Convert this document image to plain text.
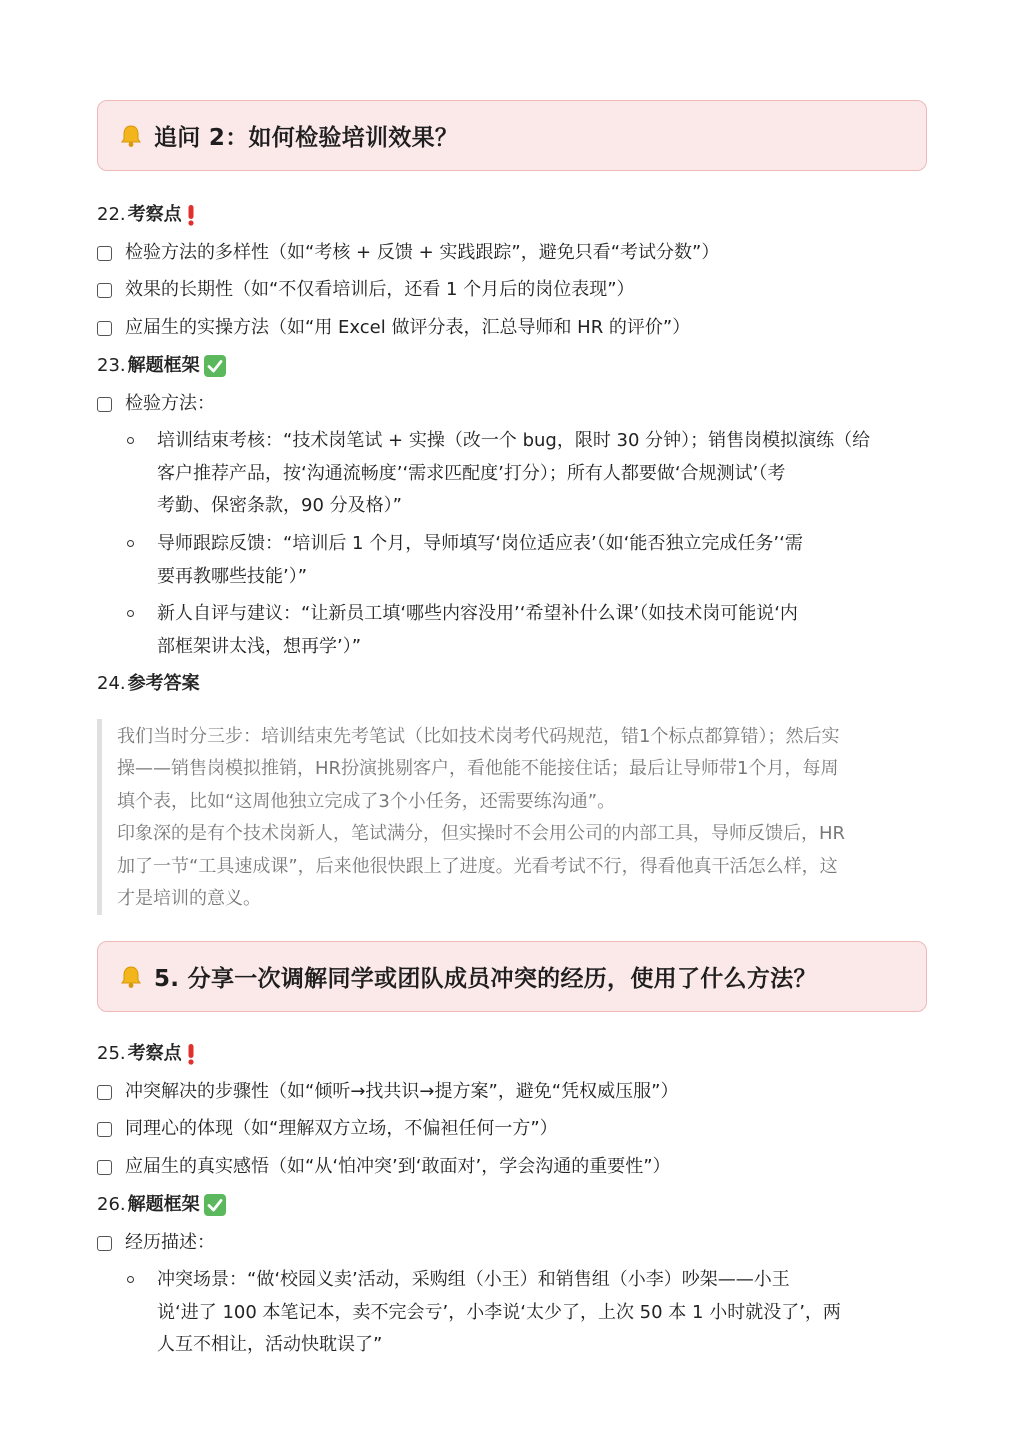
追问 2：如何检验培训效果？
22. 考察点
检验方法的多样性（如“考核 + 反馈 + 实践跟踪”，避免只看“考试分数”）
效果的长期性（如“不仅看培训后，还看 1 个月后的岗位表现”）
应届生的实操方法（如“用 Excel 做评分表，汇总导师和 HR 的评价”）
23. 解题框架
检验方法：
培训结束考核：“技术岗笔试 + 实操（改一个 bug，限时 30 分钟）；销售岗模拟演练（给
客户推荐产品，按‘沟通流畅度’‘需求匹配度’打分）；所有人都要做‘合规测试’（考
考勤、保密条款，90 分及格）”
导师跟踪反馈：“培训后 1 个月，导师填写‘岗位适应表’（如‘能否独立完成任务’‘需
要再教哪些技能’）”
新人自评与建议：“让新员工填‘哪些内容没用’‘希望补什么课’（如技术岗可能说‘内
部框架讲太浅，想再学’）”
24. 参考答案
我们当时分三步：培训结束先考笔试（比如技术岗考代码规范，错1个标点都算错）；然后实
操——销售岗模拟推销，HR扮演挑剔客户，看他能不能接住话；最后让导师带1个月，每周
填个表，比如“这周他独立完成了3个小任务，还需要练沟通”。
印象深的是有个技术岗新人，笔试满分，但实操时不会用公司的内部工具，导师反馈后，HR
加了一节“工具速成课”，后来他很快跟上了进度。光看考试不行，得看他真干活怎么样，这
才是培训的意义。
5. 分享一次调解同学或团队成员冲突的经历，使用了什么方法？
25. 考察点
冲突解决的步骤性（如“倾听→找共识→提方案”，避免“凭权威压服”）
同理心的体现（如“理解双方立场，不偏袒任何一方”）
应届生的真实感悟（如“从‘怕冲突’到‘敢面对’，学会沟通的重要性”）
26. 解题框架
经历描述：
冲突场景：“做‘校园义卖’活动，采购组（小王）和销售组（小李）吵架——小王
说‘进了 100 本笔记本，卖不完会亏’，小李说‘太少了，上次 50 本 1 小时就没了’，两
人互不相让，活动快耽误了”
